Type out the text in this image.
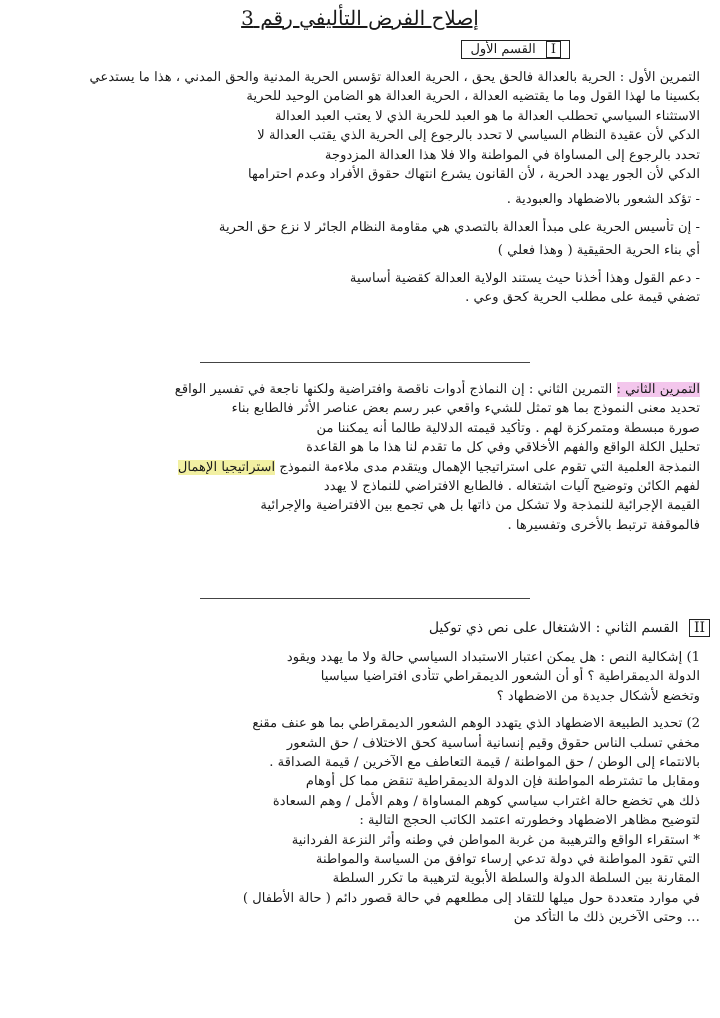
إصلاح الفرض التأليفي رقم 3
I القسم الأول

التمرين الأول : الحرية بالعدالة فالحق يحق ، الحرية العدالة تؤسس الحرية المدنية والحق المدني ، هذا ما يستدعي

بكسينا ما لهذا القول وما ما يقتضيه العدالة ، الحرية العدالة هو الضامن الوحيد للحرية

الاستثناء السياسي تحطلب العدالة ما هو العبد للحرية الذي لا يعتب العبد العدالة

الدكي لأن عقيدة النظام السياسي لا تحدد بالرجوع إلى الحرية الذي يقتب العدالة لا

تحدد بالرجوع إلى المساواة في المواطنة والا فلا هذا العدالة المزدوجة

الدكي لأن الجور يهدد الحرية ، لأن القانون يشرع انتهاك حقوق الأفراد وعدم احترامها

- تؤكد الشعور بالاضطهاد والعبودية .

- إن تأسيس الحرية على مبدأ العدالة بالتصدي هي مقاومة النظام الجائر لا نزع حق الحرية

أي بناء الحرية الحقيقية ( وهذا فعلي )

- دعم القول وهذا أخذنا حيث يستند الولاية العدالة كقضية أساسية

تضفي قيمة على مطلب الحرية كحق وعي .

التمرين الثاني : التمرين الثاني : إن النماذج أدوات ناقصة وافتراضية ولكنها ناجعة في تفسير الواقع

تحديد معنى النموذج بما هو تمثل للشيء واقعي عبر رسم بعض عناصر الأثر فالطابع بناء

صورة مبسطة ومتمركزة لهم . وتأكيد قيمته الدلالية طالما أنه يمكننا من

تحليل الكلة الواقع والفهم الأخلاقي وفي كل ما تقدم لنا هذا ما هو القاعدة

النمذجة العلمية التي تقوم على استراتيجيا الإهمال ويتقدم مدى ملاءمة النموذج استراتيجيا الإهمال

لفهم الكائن وتوضيح آليات اشتغاله . فالطابع الافتراضي للنماذج لا يهدد

القيمة الإجرائية للنمذجة ولا تشكل من ذاتها بل هي تجمع بين الافتراضية والإجرائية

فالموقفة ترتبط بالأخرى وتفسيرها .

II القسم الثاني : الاشتغال على نص ذي توكيل

1) إشكالية النص : هل يمكن اعتبار الاستبداد السياسي حالة ولا ما يهدد ويقود

الدولة الديمقراطية ؟ أو أن الشعور الديمقراطي تتأدى افتراضيا سياسيا

وتخضع لأشكال جديدة من الاضطهاد ؟

2) تحديد الطبيعة الاضطهاد الذي يتهدد الوهم الشعور الديمقراطي بما هو عنف مقنع

مخفي تسلب الناس حقوق وقيم إنسانية أساسية كحق الاختلاف / حق الشعور

بالانتماء إلى الوطن / حق المواطنة / قيمة التعاطف مع الآخرين / قيمة الصداقة .

ومقابل ما تشترطه المواطنة فإن الدولة الديمقراطية تنقض مما كل أوهام

ذلك هي تخضع حالة اغتراب سياسي كوهم المساواة / وهم الأمل / وهم السعادة

لتوضيح مظاهر الاضطهاد وخطورته اعتمد الكاتب الحجج التالية :

* استقراء الواقع والترهيبة من غربة المواطن في وطنه وأثر النزعة الفردانية

التي تقود المواطنة في دولة تدعي إرساء توافق من السياسة والمواطنة

المقارنة بين السلطة الدولة والسلطة الأبوية لترهيبة ما تكرر السلطة

في موارد متعددة حول ميلها للتقاد إلى مطلعهم في حالة قصور دائم ( حالة الأطفال )

… وحتى الآخرين ذلك ما التأكد من
